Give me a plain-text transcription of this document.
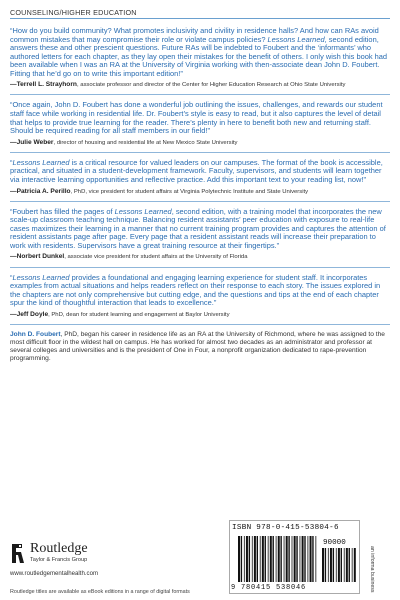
COUNSELING/HIGHER EDUCATION

“How do you build community? What promotes inclusivity and civility in residence halls? And how can RAs avoid common mistakes that may compromise their role or violate campus policies? Lessons Learned, second edition, answers these and other prescient questions. Future RAs will be indebted to Foubert and the ‘informants’ who authored letters for each chapter, as they lay open their mistakes for the benefit of others. I only wish this book had been available when I was an RA at the University of Virginia working with then-associate dean John D. Foubert. Fitting that he’d go on to write this important edition!”

—Terrell L. Strayhorn, associate professor and director of the Center for Higher Education Research at Ohio State University

“Once again, John D. Foubert has done a wonderful job outlining the issues, challenges, and rewards our student staff face while working in residential life. Dr. Foubert’s style is easy to read, but it also captures the level of detail that helps to provide true learning for the reader. There’s plenty in here to benefit both new and returning staff. Should be required reading for all staff members in our field!”

—Julie Weber, director of housing and residential life at New Mexico State University

“Lessons Learned is a critical resource for valued leaders on our campuses. The format of the book is accessible, practical, and situated in a student-development framework. Faculty, supervisors, and students will learn together via interactive learning opportunities and reflective practice. Add this important text to your reading list, now!”

—Patricia A. Perillo, PhD, vice president for student affairs at Virginia Polytechnic Institute and State University

“Foubert has filled the pages of Lessons Learned, second edition, with a training model that incorporates the new scale-up classroom teaching technique. Balancing resident assistants’ peer education with exposure to real-life cases maximizes their learning in a manner that no current training program provides and captures the attention of resident assistants page after page. Every page that a resident assistant reads will increase their preparation to work with residents. Supervisors have a great training resource at their fingertips.”

—Norbert Dunkel, associate vice president for student affairs at the University of Florida

“Lessons Learned provides a foundational and engaging learning experience for student staff. It incorporates examples from actual situations and helps readers reflect on their response to each story. The issues explored in the chapters are not only comprehensive but cutting edge, and the questions and tips at the end of each chapter spur the kind of thoughtful interaction that leads to excellence.”

—Jeff Doyle, PhD, dean for student learning and engagement at Baylor University

John D. Foubert, PhD, began his career in residence life as an RA at the University of Richmond, where he was assigned to the most difficult floor in the wildest hall on campus. He has worked for almost two decades as an administrator and professor at several colleges and universities and is the president of One in Four, a nonprofit organization dedicated to rape-prevention programming.

Routledge
Taylor & Francis Group
www.routledgementalhealth.com
Routledge titles are available as eBook editions in a range of digital formats
ISBN 978-0-415-53804-6
90000
9 780415 538046	an informa business
